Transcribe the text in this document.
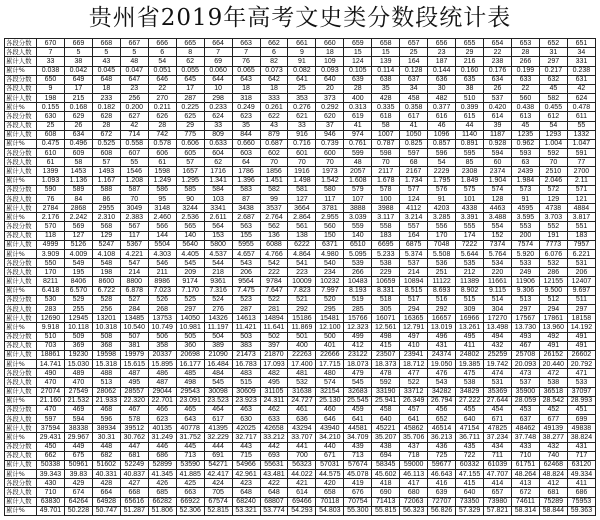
贵州省2019年高考文史类分数段统计表
各段分数	670	669	668	667	666	665	664	663	662	661	660	659	658	657	656	655	654	653	652	651
各段人数	7	5	5	5	6	8	7	7	6	9	18	15	15	25	23	29	22	28	31	34
累计人数	33	38	43	48	54	62	69	76	82	91	109	124	139	164	187	216	238	266	297	331
累计%	0.038	0.042	0.045	0.047	0.051	0.055	0.060	0.065	0.073	0.082	0.093	0.105	0.114	0.128	0.144	0.160	0.176	0.199	0.217	0.238
各段分数	650	649	648	647	646	645	644	643	642	641	640	639	638	637	636	635	634	633	632	631
各段人数	9	17	18	23	22	17	10	18	18	25	20	28	35	34	30	38	26	22	45	42
累计人数	198	215	233	256	270	287	298	318	333	353	373	400	428	458	482	510	537	560	582	624
累计%	0.155	0.168	0.182	0.200	0.211	0.225	0.233	0.249	0.261	0.276	0.292	0.313	0.335	0.358	0.377	0.399	0.420	0.438	0.455	0.478
各段分数	630	629	628	627	626	625	624	623	622	621	620	619	618	617	616	615	614	613	612	611
各段人数	25	26	28	42	28	29	33	35	43	33	37	41	58	41	46	44	39	45	54	55
累计人数	608	634	672	714	742	775	809	844	879	916	946	974	1007	1050	1096	1140	1187	1235	1293	1332
累计%	0.475	0.496	0.525	0.558	0.578	0.606	0.633	0.660	0.687	0.716	0.739	0.761	0.787	0.825	0.857	0.891	0.928	0.962	1.004	1.047
各段分数	610	609	608	607	606	605	604	603	602	601	600	599	598	597	596	595	594	593	592	591
各段人数	61	58	57	55	61	57	62	64	70	70	70	48	70	68	54	85	60	63	70	77
累计人数	1399	1453	1493	1546	1598	1657	1716	1786	1856	1916	1973	2057	2117	2167	2229	2308	2374	2439	2510	2700
累计%	1.093	1.136	1.167	1.208	1.249	1.295	1.341	1.396	1.451	1.498	1.542	1.608	1.678	1.734	1.795	1.849	1.904	1.984	2.046	2.11
各段分数	590	589	588	587	586	585	584	583	582	581	580	579	578	577	576	575	574	573	572	571
各段人数	76	84	86	70	95	90	103	87	99	127	117	107	100	124	91	101	128	91	129	121
累计人数	2784	2868	2955	3049	3148	3244	3341	3438	3537	3664	3781	3888	3988	4112	4203	4338	4463	4595	4738	4884
累计%	2.176	2.242	2.310	2.383	2.460	2.536	2.611	2.687	2.764	2.864	2.955	3.039	3.117	3.214	3.285	3.391	3.488	3.595	3.703	3.817
各段分数	570	569	568	567	566	565	564	563	562	561	560	559	558	557	556	555	554	553	552	551
各段人数	118	127	129	117	144	140	153	155	136	138	150	140	183	164	170	174	152	200	191	183
累计人数	4999	5126	5247	5367	5504	5640	5800	5955	6088	6222	6371	6510	6695	6875	7048	7222	7374	7574	7773	7957
累计%	3.909	4.009	4.108	4.221	4.303	4.405	4.537	4.657	4.766	4.864	4.980	5.095	5.233	5.374	5.508	5.644	5.764	5.920	6.076	6.221
各段分数	550	549	548	547	546	545	544	543	542	541	540	539	538	537	536	535	534	533	532	531
各段人数	170	195	198	214	211	209	218	206	222	223	234	266	229	214	251	212	220	249	286	206
累计人数	8211	8406	8600	8800	8986	9174	9361	9564	9784	10009	10232	10483	10659	10894	11122	11389	11661	11906	12155	12407
累计%	6.418	6.570	6.722	6.878	7.023	7.170	7.316	7.475	7.647	7.823	7.997	8.193	8.331	8.515	8.693	8.902	9.115	9.306	9.500	9.697
各段分数	530	529	528	527	526	525	524	523	522	521	520	519	518	517	516	515	514	513	512	511
各段人数	283	255	256	284	268	297	276	287	281	292	295	285	305	294	292	309	304	297	294	297
累计人数	12690	12945	13201	13485	13753	14050	14326	14613	14894	15186	15481	15766	16071	16365	16657	16966	17270	17567	17861	18158
累计%	9.918	10.118	10.318	10.540	10.749	10.981	11.197	11.421	11.641	11.869	12.100	12.323	12.561	12.791	13.019	13.261	13.498	13.730	13.960	14.192
各段分数	510	509	508	507	506	505	504	503	502	501	500	499	498	497	496	495	494	493	492	491
各段人数	703	369	368	381	358	360	389	383	397	400	401	412	415	410	431	411	432	467	491	491
累计人数	18861	19230	19598	19979	20337	20698	21090	21473	21870	22263	22666	23122	23507	23941	24374	24802	25259	25708	26152	26602
累计%	14.741	15.030	15.318	15.615	15.895	16.177	16.484	16.783	17.093	17.400	17.715	18.073	18.373	18.712	19.050	19.385	19.742	20.093	20.440	20.792
各段分数	490	489	488	487	486	485	484	483	482	481	480	479	478	477	476	475	474	473	472	471
各段人数	470	470	513	495	487	498	545	515	495	532	574	545	592	522	543	538	531	537	538	533
累计人数	27074	27549	28062	28557	29044	29543	30098	30609	31105	31638	32154	32683	33190	33712	34282	34829	35369	35900	36518	37097
累计%	21.160	21.532	21.933	22.320	22.701	23.091	23.523	23.923	24.311	24.727	25.130	25.545	25.941	26.349	26.794	27.222	27.644	28.059	28.542	28.993
各段分数	470	469	468	467	466	465	464	463	462	461	460	459	458	457	456	455	454	453	452	451
各段人数	597	594	596	578	623	643	617	630	633	636	646	641	640	641	652	640	671	637	677	699
累计人数	37594	38338	38934	39512	40135	40778	41395	42025	42658	43294	43940	44581	45221	45862	46514	47154	47825	48462	49139	49838
累计%	29.431	29.967	30.31	30.762	31.249	31.752	32.229	32.717	33.212	33.707	34.210	34.709	35.207	35.706	36.213	36.711	37.234	37.748	38.277	38.824
各段分数	450	449	448	447	446	445	444	443	442	441	440	439	438	437	436	435	434	433	432	431
各段人数	662	675	682	681	686	713	691	715	693	700	671	713	694	718	725	722	711	710	740	717
累计人数	50338	50961	51602	52249	52899	53590	54271	54966	55631	56323	57031	57674	58345	59000	59677	60332	61039	61751	62468	63120
累计%	39.343	39.83	40.331	40.837	41.345	41.885	42.417	42.961	43.481	44.022	44.575	45.078	45.602	46.113	46.643	47.155	47.707	48.264	48.824	49.334
各段分数	430	429	428	427	426	425	424	423	422	421	420	419	418	417	416	415	414	413	412	411
各段人数	710	674	664	668	685	663	705	648	648	614	658	676	690	680	639	640	657	672	681	686
累计人数	63830	64264	64928	65616	66282	66922	67574	68240	68807	69466	70118	70754	71413	72063	72707	73350	73980	74611	75289	75953
累计%	49.701	50.228	50.747	51.287	51.806	52.306	52.815	53.321	53.774	54.293	54.803	55.300	55.815	56.323	56.826	57.329	57.821	58.314	58.844	59.363
